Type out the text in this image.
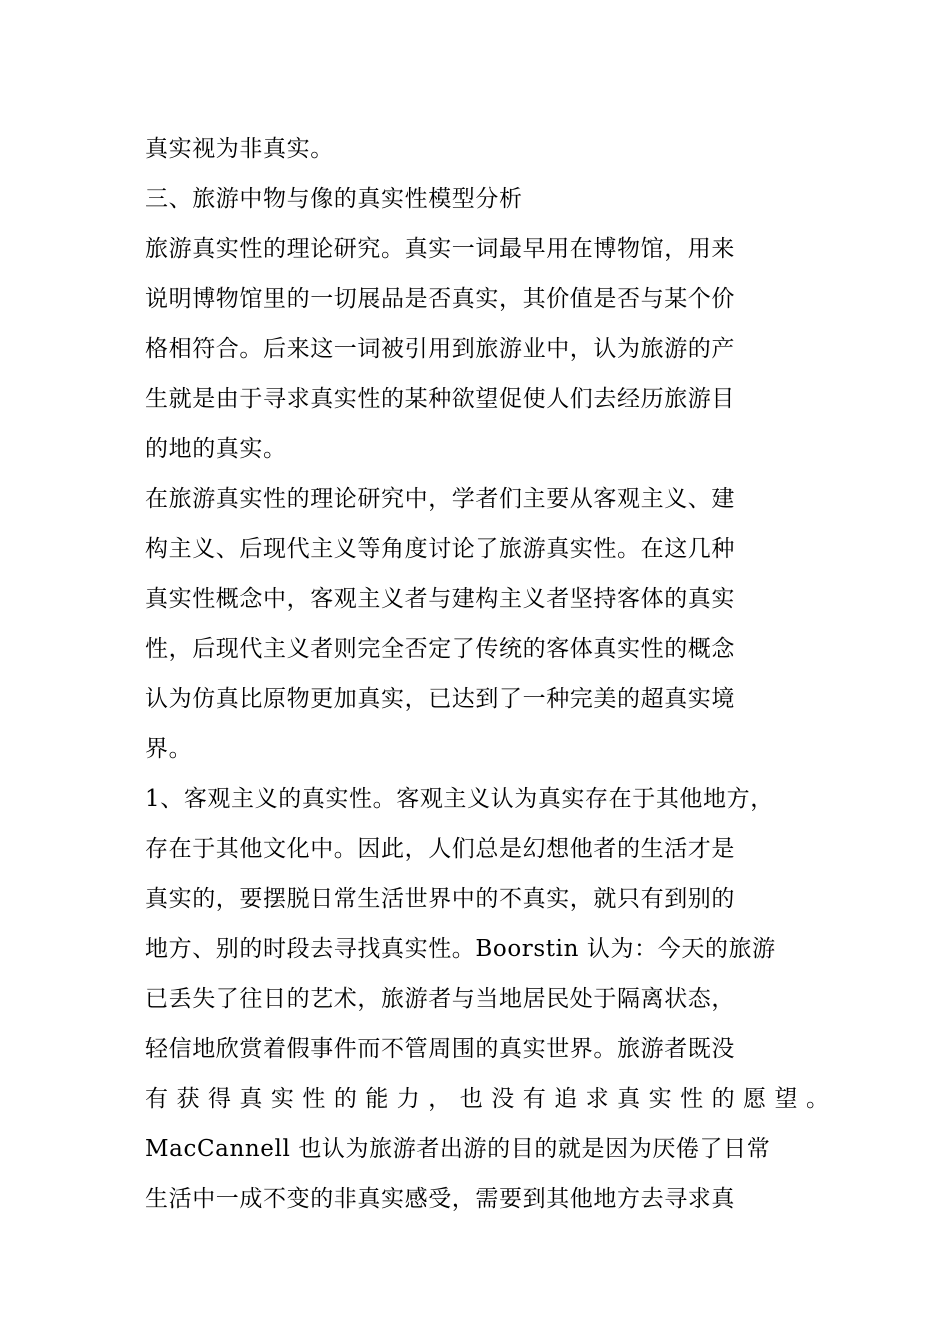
真实视为非真实。
三、旅游中物与像的真实性模型分析
旅游真实性的理论研究。真实一词最早用在博物馆，用来
说明博物馆里的一切展品是否真实，其价值是否与某个价
格相符合。后来这一词被引用到旅游业中，认为旅游的产
生就是由于寻求真实性的某种欲望促使人们去经历旅游目
的地的真实。
在旅游真实性的理论研究中，学者们主要从客观主义、建
构主义、后现代主义等角度讨论了旅游真实性。在这几种
真实性概念中，客观主义者与建构主义者坚持客体的真实
性，后现代主义者则完全否定了传统的客体真实性的概念
认为仿真比原物更加真实，已达到了一种完美的超真实境
界。
1、客观主义的真实性。客观主义认为真实存在于其他地方，
存在于其他文化中。因此，人们总是幻想他者的生活才是
真实的，要摆脱日常生活世界中的不真实，就只有到别的
地方、别的时段去寻找真实性。Boorstin 认为：今天的旅游
已丢失了往日的艺术，旅游者与当地居民处于隔离状态，
轻信地欣赏着假事件而不管周围的真实世界。旅游者既没
有获得真实性的能力，也没有追求真实性的愿望。
MacCannell 也认为旅游者出游的目的就是因为厌倦了日常
生活中一成不变的非真实感受，需要到其他地方去寻求真
